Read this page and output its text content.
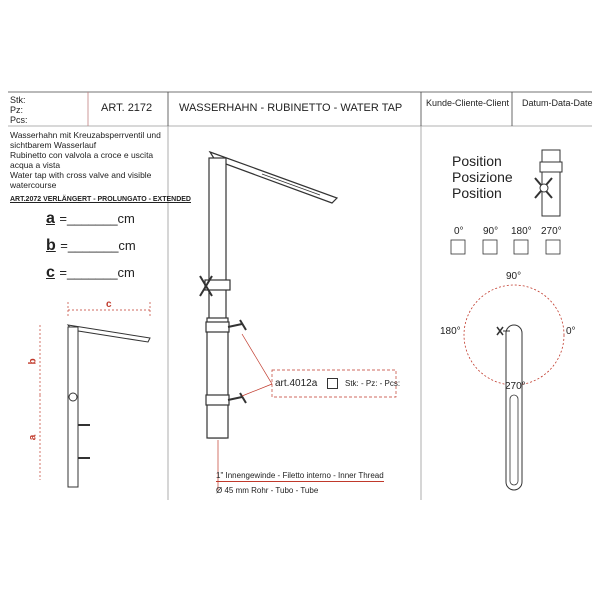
Stk:
Pz:
Pcs:
ART. 2172 WASSERHAHN - RUBINETTO - WATER TAP	Kunde-Cliente-Client Datum-Data-Date
Wasserhahn mit Kreuzabsperrventil und
sichtbarem Wasserlauf
Rubinetto con valvola a croce e uscita
acqua a vista
Water tap with cross valve and visible
watercourse
ART.2072 VERLÄNGERT - PROLUNGATO - EXTENDED
a =_______cm
b =_______cm
c =_______cm
c
b
a
art.4012a	Stk: - Pz: - Pcs:
1" Innengewinde - Filetto interno - Inner Thread
Ø 45 mm Rohr - Tubo - Tube
Position
Posizione
Position
0° 90° 180° 270°
90°
180°	0°
270°
